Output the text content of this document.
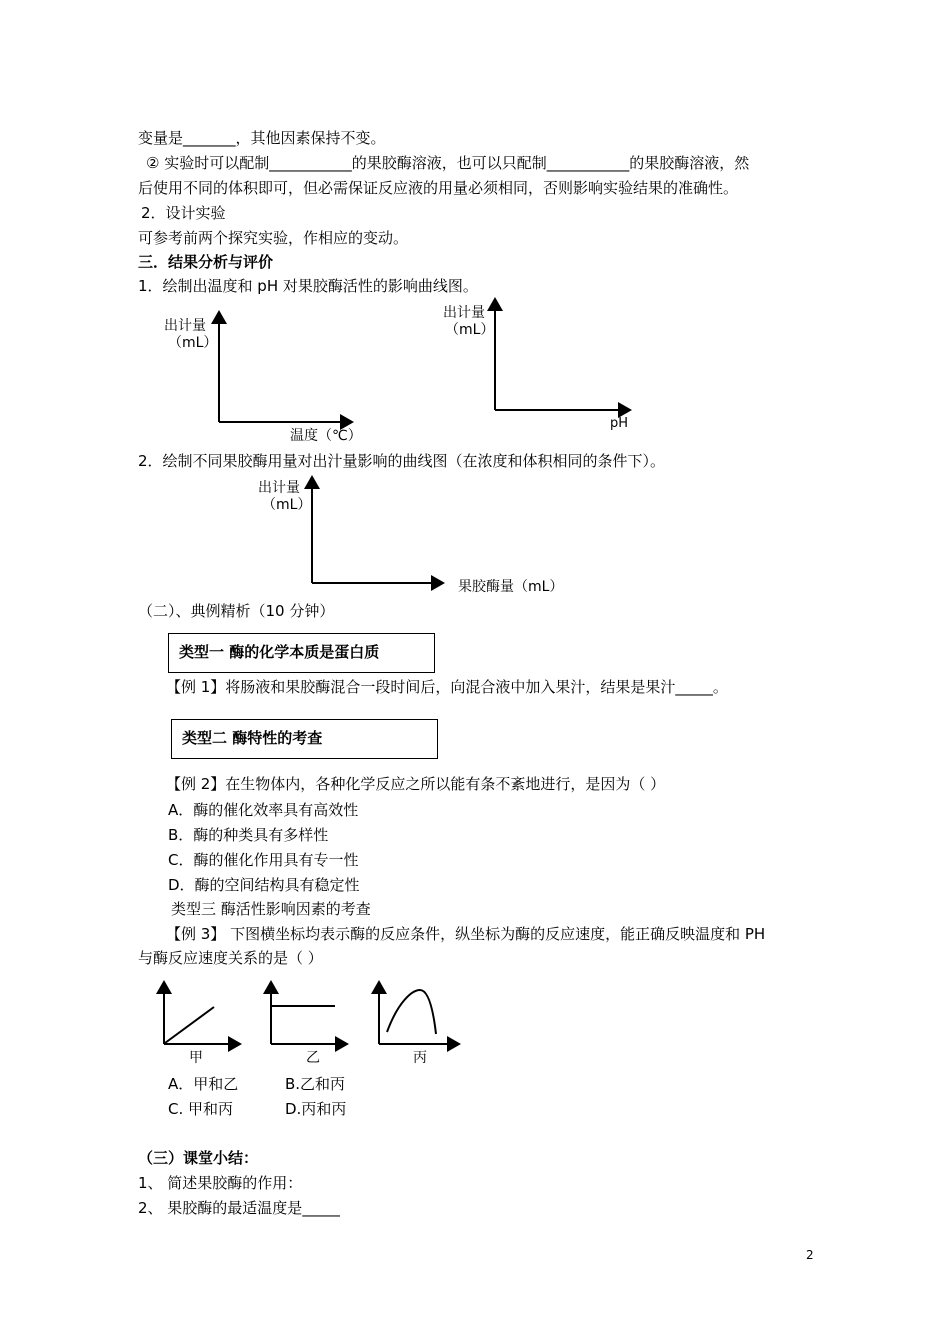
变量是_______，其他因素保持不变。
② 实验时可以配制___________的果胶酶溶液，也可以只配制___________的果胶酶溶液，然
后使用不同的体积即可，但必需保证反应液的用量必须相同，否则影响实验结果的准确性。
2．设计实验
可参考前两个探究实验，作相应的变动。
三．结果分析与评价
1．绘制出温度和 pH 对果胶酶活性的影响曲线图。
出计量
（mL）
温度（℃）
出计量
（mL）
pH
出计量
（mL）
果胶酶量（mL）
2．绘制不同果胶酶用量对出汁量影响的曲线图（在浓度和体积相同的条件下）。
（二）、典例精析（10 分钟）
类型一 酶的化学本质是蛋白质
【例 1】将肠液和果胶酶混合一段时间后，向混合液中加入果汁，结果是果汁_____。
类型二 酶特性的考查
【例 2】在生物体内，各种化学反应之所以能有条不紊地进行，是因为（ ）
A．酶的催化效率具有高效性
B．酶的种类具有多样性
C．酶的催化作用具有专一性
D．酶的空间结构具有稳定性
类型三 酶活性影响因素的考查
【例 3】 下图横坐标均表示酶的反应条件，纵坐标为酶的反应速度，能正确反映温度和 PH
与酶反应速度关系的是（ ）
甲	乙	丙
A．甲和乙	B.乙和丙
C. 甲和丙	D.丙和丙
（三）课堂小结：
1、 简述果胶酶的作用：
2、 果胶酶的最适温度是_____
2
